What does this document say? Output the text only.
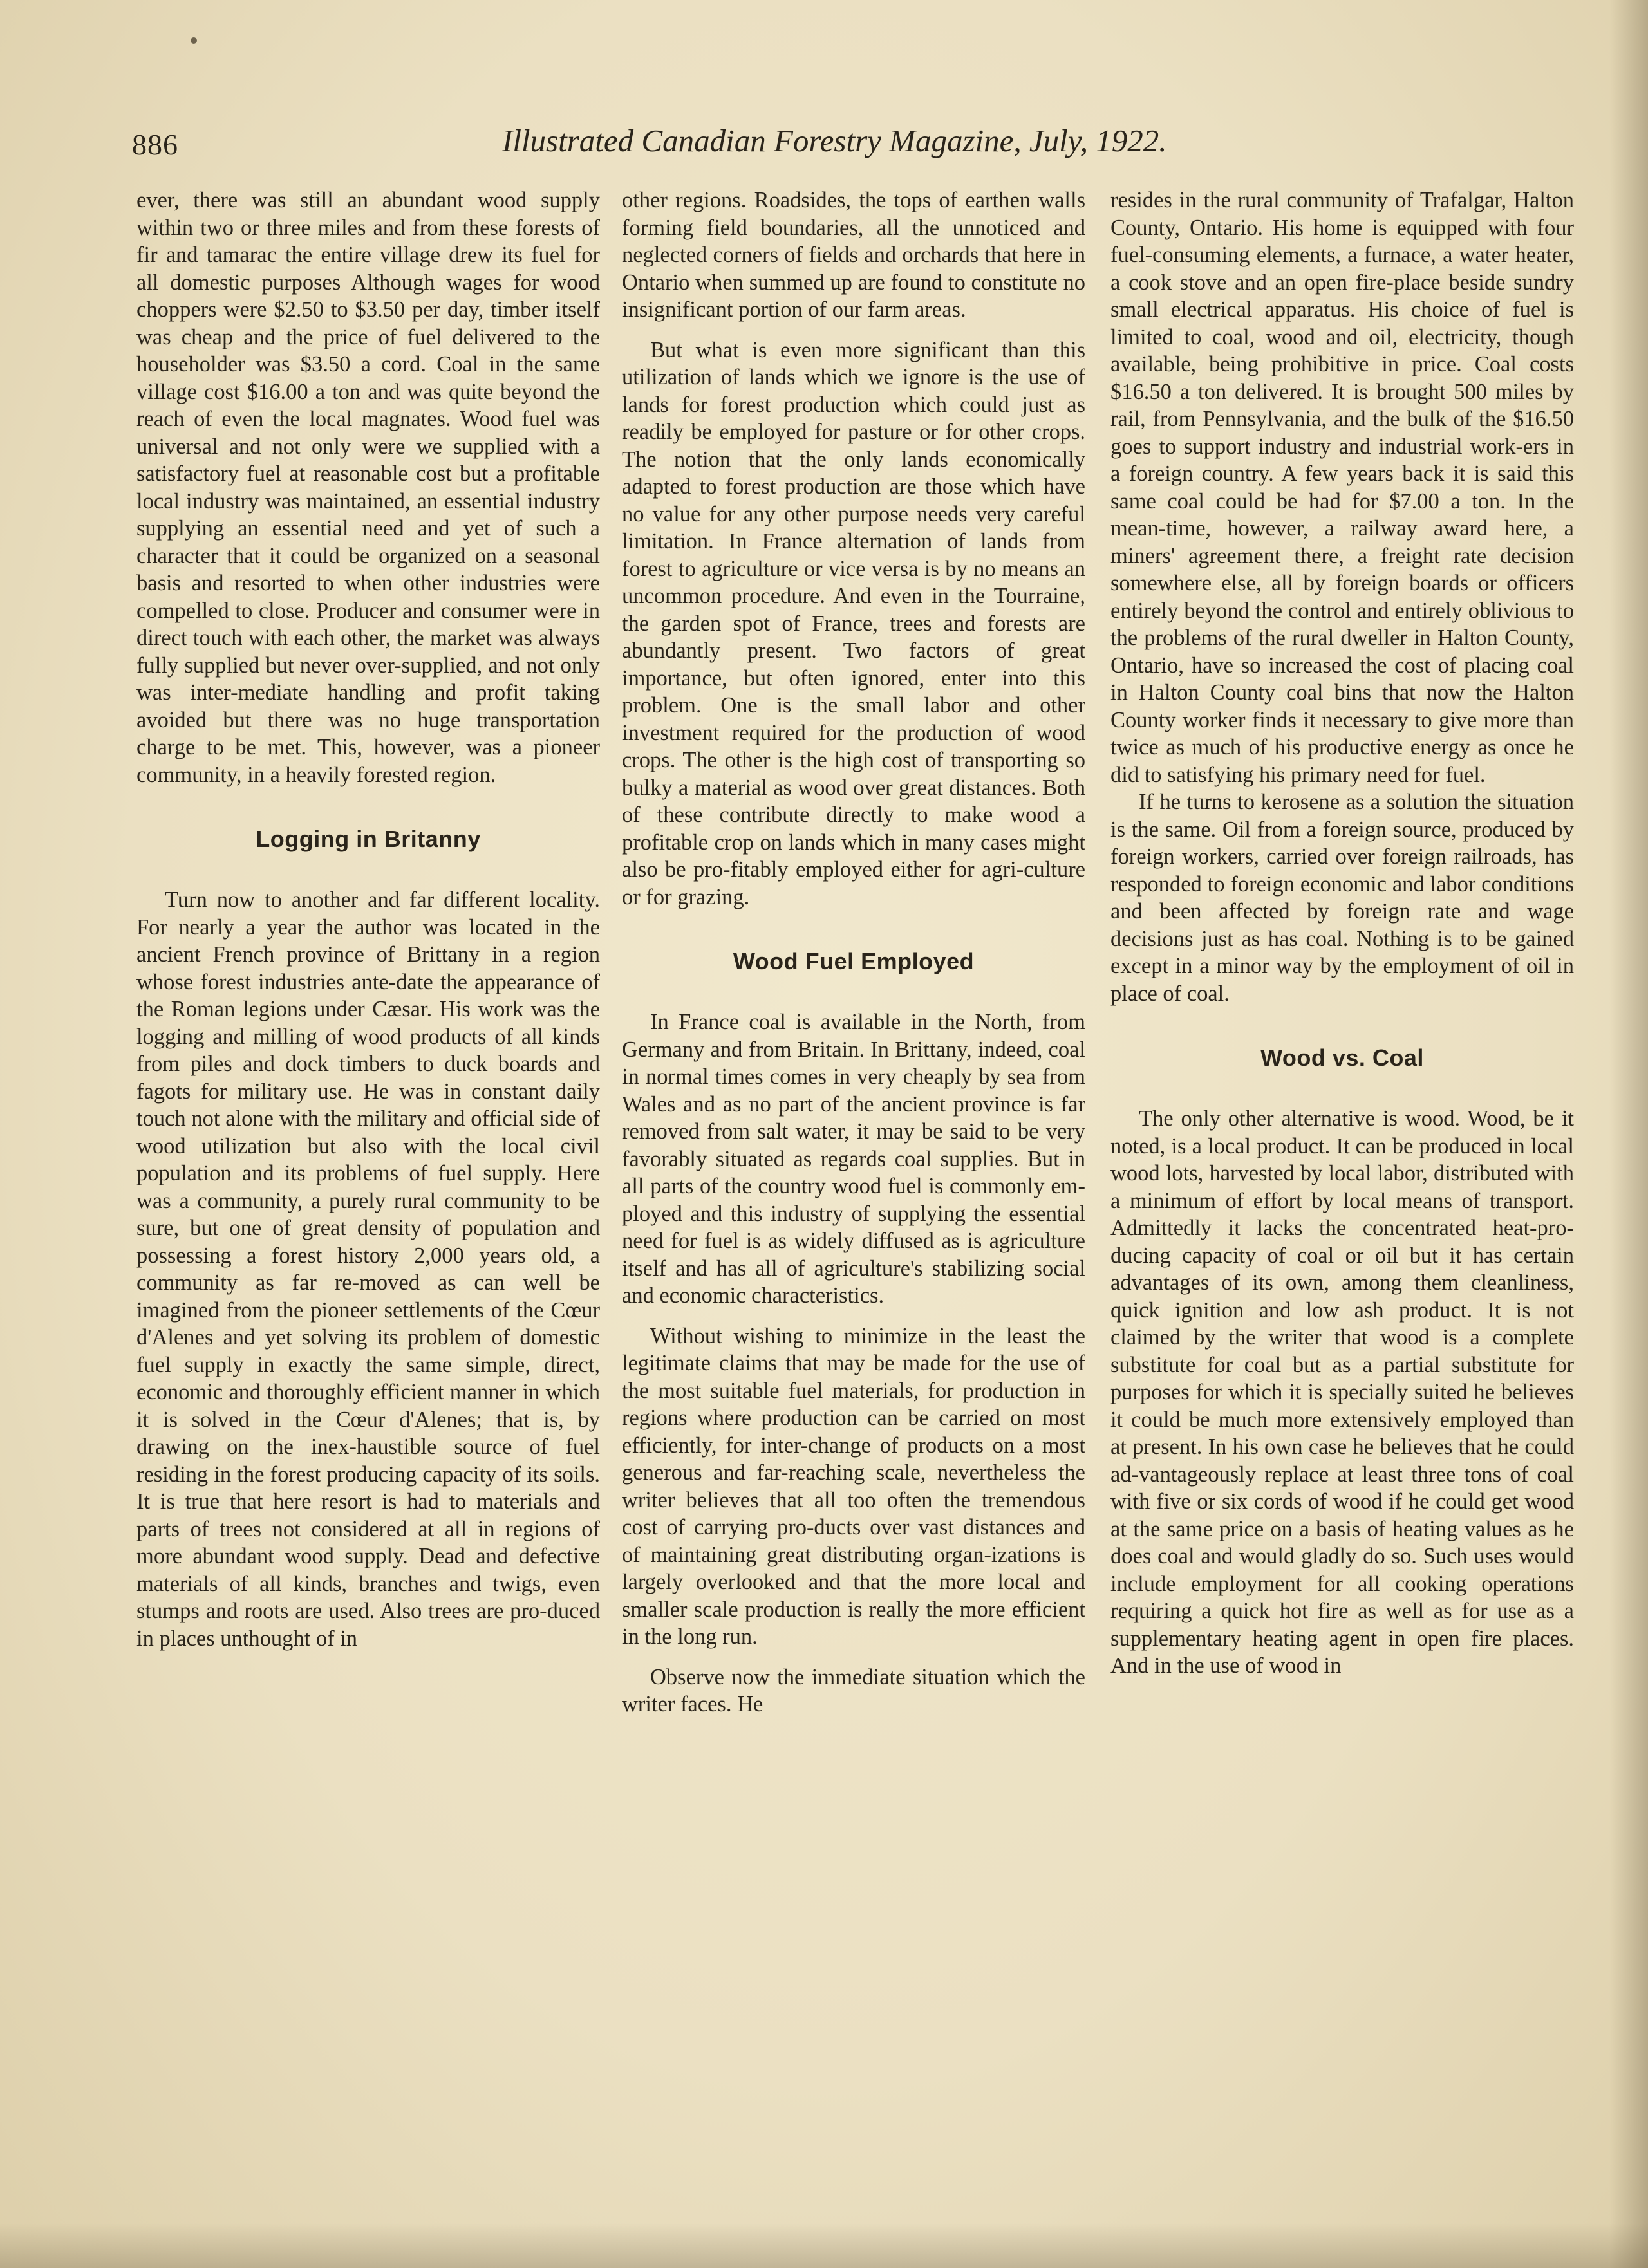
886	Illustrated Canadian Forestry Magazine, July, 1922.

ever, there was still an abundant wood supply within two or three miles and from these forests of fir and tamarac the entire village drew its fuel for all domestic purposes Although wages for wood choppers were $2.50 to $3.50 per day, timber itself was cheap and the price of fuel delivered to the householder was $3.50 a cord. Coal in the same village cost $16.00 a ton and was quite beyond the reach of even the local magnates. Wood fuel was universal and not only were we supplied with a satisfactory fuel at reasonable cost but a profitable local industry was maintained, an essential industry supplying an essential need and yet of such a character that it could be organized on a seasonal basis and resorted to when other industries were compelled to close. Producer and consumer were in direct touch with each other, the market was always fully supplied but never over-supplied, and not only was inter-mediate handling and profit taking avoided but there was no huge transportation charge to be met. This, however, was a pioneer community, in a heavily forested region.

Logging in Britanny

Turn now to another and far different locality. For nearly a year the author was located in the ancient French province of Brittany in a region whose forest industries ante-date the appearance of the Roman legions under Cæsar. His work was the logging and milling of wood products of all kinds from piles and dock timbers to duck boards and fagots for military use. He was in constant daily touch not alone with the military and official side of wood utilization but also with the local civil population and its problems of fuel supply. Here was a community, a purely rural community to be sure, but one of great density of population and possessing a forest history 2,000 years old, a community as far re-moved as can well be imagined from the pioneer settlements of the Cœur d'Alenes and yet solving its problem of domestic fuel supply in exactly the same simple, direct, economic and thoroughly efficient manner in which it is solved in the Cœur d'Alenes; that is, by drawing on the inex-haustible source of fuel residing in the forest producing capacity of its soils. It is true that here resort is had to materials and parts of trees not considered at all in regions of more abundant wood supply. Dead and defective materials of all kinds, branches and twigs, even stumps and roots are used. Also trees are pro-duced in places unthought of in

other regions. Roadsides, the tops of earthen walls forming field boundaries, all the unnoticed and neglected corners of fields and orchards that here in Ontario when summed up are found to constitute no insignificant portion of our farm areas.

But what is even more significant than this utilization of lands which we ignore is the use of lands for forest production which could just as readily be employed for pasture or for other crops. The notion that the only lands economically adapted to forest production are those which have no value for any other purpose needs very careful limitation. In France alternation of lands from forest to agriculture or vice versa is by no means an uncommon procedure. And even in the Tourraine, the garden spot of France, trees and forests are abundantly present. Two factors of great importance, but often ignored, enter into this problem. One is the small labor and other investment required for the production of wood crops. The other is the high cost of transporting so bulky a material as wood over great distances. Both of these contribute directly to make wood a profitable crop on lands which in many cases might also be pro-fitably employed either for agri-culture or for grazing.

Wood Fuel Employed

In France coal is available in the North, from Germany and from Britain. In Brittany, indeed, coal in normal times comes in very cheaply by sea from Wales and as no part of the ancient province is far removed from salt water, it may be said to be very favorably situated as regards coal supplies. But in all parts of the country wood fuel is commonly em-ployed and this industry of supplying the essential need for fuel is as widely diffused as is agriculture itself and has all of agriculture's stabilizing social and economic characteristics.

Without wishing to minimize in the least the legitimate claims that may be made for the use of the most suitable fuel materials, for production in regions where production can be carried on most efficiently, for inter-change of products on a most generous and far-reaching scale, nevertheless the writer believes that all too often the tremendous cost of carrying pro-ducts over vast distances and of maintaining great distributing organ-izations is largely overlooked and that the more local and smaller scale production is really the more efficient in the long run.

Observe now the immediate situation which the writer faces. He

resides in the rural community of Trafalgar, Halton County, Ontario. His home is equipped with four fuel-consuming elements, a furnace, a water heater, a cook stove and an open fire-place beside sundry small electrical apparatus. His choice of fuel is limited to coal, wood and oil, electricity, though available, being prohibitive in price. Coal costs $16.50 a ton delivered. It is brought 500 miles by rail, from Pennsylvania, and the bulk of the $16.50 goes to support industry and industrial work-ers in a foreign country. A few years back it is said this same coal could be had for $7.00 a ton. In the mean-time, however, a railway award here, a miners' agreement there, a freight rate decision somewhere else, all by foreign boards or officers entirely beyond the control and entirely oblivious to the problems of the rural dweller in Halton County, Ontario, have so increased the cost of placing coal in Halton County coal bins that now the Halton County worker finds it necessary to give more than twice as much of his productive energy as once he did to satisfying his primary need for fuel.

If he turns to kerosene as a solution the situation is the same. Oil from a foreign source, produced by foreign workers, carried over foreign railroads, has responded to foreign economic and labor conditions and been affected by foreign rate and wage decisions just as has coal. Nothing is to be gained except in a minor way by the employment of oil in place of coal.

Wood vs. Coal

The only other alternative is wood. Wood, be it noted, is a local product. It can be produced in local wood lots, harvested by local labor, distributed with a minimum of effort by local means of transport. Admittedly it lacks the concentrated heat-pro-ducing capacity of coal or oil but it has certain advantages of its own, among them cleanliness, quick ignition and low ash product. It is not claimed by the writer that wood is a complete substitute for coal but as a partial substitute for purposes for which it is specially suited he believes it could be much more extensively employed than at present. In his own case he believes that he could ad-vantageously replace at least three tons of coal with five or six cords of wood if he could get wood at the same price on a basis of heating values as he does coal and would gladly do so. Such uses would include employment for all cooking operations requiring a quick hot fire as well as for use as a supplementary heating agent in open fire places. And in the use of wood in
